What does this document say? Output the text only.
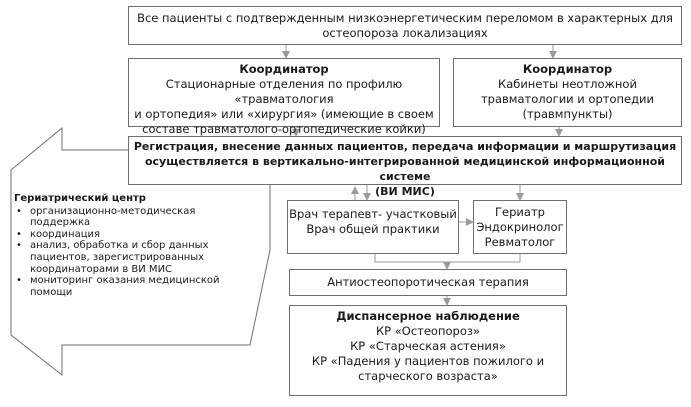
Все пациенты с подтвержденным низкоэнергетическим переломом в характерных для
остеопороза локализациях
Координатор
Стационарные отделения по профилю «травматология
и ортопедия» или «хирургия» (имеющие в своем
составе травматолого-ортопедические койки)
Координатор
Кабинеты неотложной
травматологии и ортопедии
(травмпункты)
Регистрация, внесение данных пациентов, передача информации и маршрутизация
осуществляется в вертикально-интегрированной медицинской информационной системе
(ВИ МИС)
Врач терапевт- участковый
Врач общей практики
Гериатр
Эндокринолог
Ревматолог
Антиостеопоротическая терапия
Диспансерное наблюдение
КР «Остеопороз»
КР «Старческая астения»
КР «Падения у пациентов пожилого и
старческого возраста»
Гериатрический центр
• организационно-методическая поддержка
• координация
• анализ, обработка и сбор данных пациентов, зарегистрированных координаторами в ВИ МИС
• мониторинг оказания медицинской помощи
